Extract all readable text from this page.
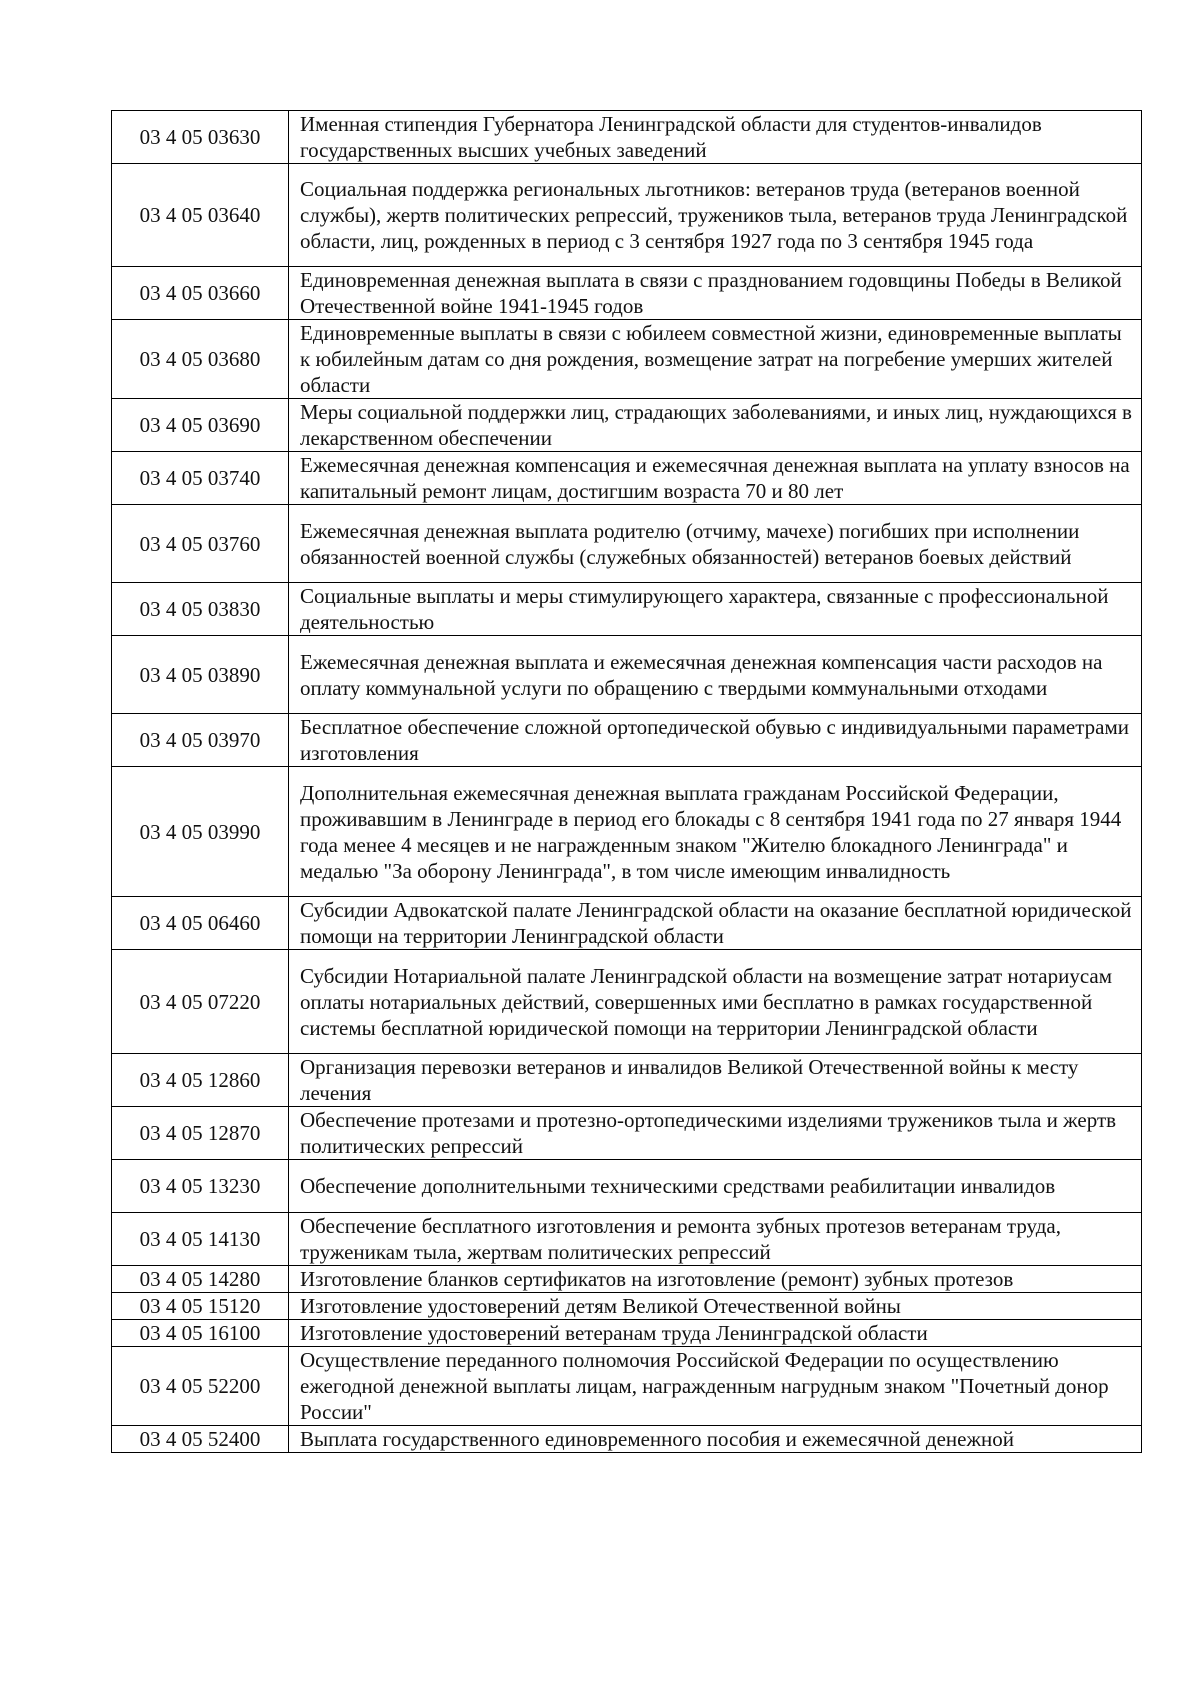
03 4 05 03630	Именная стипендия Губернатора Ленинградской области для студентов-инвалидов государственных высших учебных заведений
03 4 05 03640	Социальная поддержка региональных льготников: ветеранов труда (ветеранов военной службы), жертв политических репрессий, тружеников тыла, ветеранов труда Ленинградской области, лиц, рожденных в период с 3 сентября 1927 года по 3 сентября 1945 года
03 4 05 03660	Единовременная денежная выплата в связи с празднованием годовщины Победы в Великой Отечественной войне 1941-1945 годов
03 4 05 03680	Единовременные выплаты в связи с юбилеем совместной жизни, единовременные выплаты к юбилейным датам со дня рождения, возмещение затрат на погребение умерших жителей области
03 4 05 03690	Меры социальной поддержки лиц, страдающих заболеваниями, и иных лиц, нуждающихся в лекарственном обеспечении
03 4 05 03740	Ежемесячная денежная компенсация и ежемесячная денежная выплата на уплату взносов на капитальный ремонт лицам, достигшим возраста 70 и 80 лет
03 4 05 03760	Ежемесячная денежная выплата родителю (отчиму, мачехе) погибших при исполнении обязанностей военной службы (служебных обязанностей) ветеранов боевых действий
03 4 05 03830	Социальные выплаты и меры стимулирующего характера, связанные с профессиональной деятельностью
03 4 05 03890	Ежемесячная денежная выплата и ежемесячная денежная компенсация части расходов на оплату коммунальной услуги по обращению с твердыми коммунальными отходами
03 4 05 03970	Бесплатное обеспечение сложной ортопедической обувью с индивидуальными параметрами изготовления
03 4 05 03990	Дополнительная ежемесячная денежная выплата гражданам Российской Федерации, проживавшим в Ленинграде в период его блокады с 8 сентября 1941 года по 27 января 1944 года менее 4 месяцев и не награжденным знаком "Жителю блокадного Ленинграда" и медалью "За оборону Ленинграда", в том числе имеющим инвалидность
03 4 05 06460	Субсидии Адвокатской палате Ленинградской области на оказание бесплатной юридической помощи на территории Ленинградской области
03 4 05 07220	Субсидии Нотариальной палате Ленинградской области на возмещение затрат нотариусам оплаты нотариальных действий, совершенных ими бесплатно в рамках государственной системы бесплатной юридической помощи на территории Ленинградской области
03 4 05 12860	Организация перевозки ветеранов и инвалидов Великой Отечественной войны к месту лечения
03 4 05 12870	Обеспечение протезами и протезно-ортопедическими изделиями тружеников тыла и жертв политических репрессий
03 4 05 13230	Обеспечение дополнительными техническими средствами реабилитации инвалидов
03 4 05 14130	Обеспечение бесплатного изготовления и ремонта зубных протезов ветеранам труда, труженикам тыла, жертвам политических репрессий
03 4 05 14280	Изготовление бланков сертификатов на изготовление (ремонт) зубных протезов
03 4 05 15120	Изготовление удостоверений детям Великой Отечественной войны
03 4 05 16100	Изготовление удостоверений ветеранам труда Ленинградской области
03 4 05 52200	Осуществление переданного полномочия Российской Федерации по осуществлению ежегодной денежной выплаты лицам, награжденным нагрудным знаком "Почетный донор России"
03 4 05 52400	Выплата государственного единовременного пособия и ежемесячной денежной
